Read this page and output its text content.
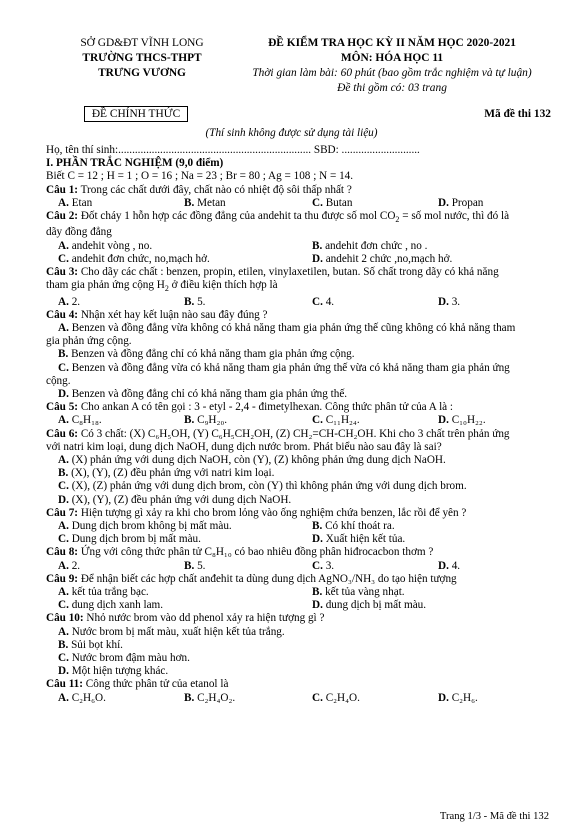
SỞ GD&ĐT VĨNH LONG
TRƯỜNG THCS-THPT
TRƯNG VƯƠNG
ĐỀ KIỂM TRA HỌC KỲ II NĂM HỌC 2020-2021
MÔN: HÓA HỌC 11
Thời gian làm bài: 60 phút (bao gồm trắc nghiệm và tự luận)
Đề thi gồm có: 03 trang
ĐỀ CHÍNH THỨC	Mã đề thi 132
(Thí sinh không được sử dụng tài liệu)
Họ, tên thí sinh:..................................................................... SBD: ............................
I. PHẦN TRẮC NGHIỆM (9,0 điểm)
Biết C = 12 ; H = 1 ; O = 16 ; Na = 23 ; Br = 80 ; Ag = 108 ; N = 14.
Câu 1: Trong các chất dưới đây, chất nào có nhiệt độ sôi thấp nhất ?
A. Etan	B. Metan	C. Butan	D. Propan
Câu 2: Đốt cháy 1 hỗn hợp các đồng đẳng của andehit ta thu được số mol $CO_2$ = số mol nước, thì đó là
dãy đồng đẳng
A. andehit vòng , no.	B. andehit đơn chức , no .
C. andehit đơn chức, no,mạch hở.	D. andehit 2 chức ,no,mạch hở.
Câu 3: Cho dãy các chất : benzen, propin, etilen, vinylaxetilen, butan. Số chất trong dãy có khả năng
tham gia phản ứng cộng $H_2$ ở điều kiện thích hợp là
A. 2.	B. 5.	C. 4.	D. 3.
Câu 4: Nhận xét hay kết luận nào sau đây đúng ?
A. Benzen và đồng đẳng vừa không có khả năng tham gia phản ứng thế cũng không có khả năng tham
gia phản ứng cộng.
B. Benzen và đồng đẳng chỉ có khả năng tham gia phản ứng cộng.
C. Benzen và đồng đẳng vừa có khả năng tham gia phản ứng thế vừa có khả năng tham gia phản ứng
cộng.
D. Benzen và đồng đẳng chỉ có khả năng tham gia phản ứng thế.
Câu 5: Cho ankan A có tên gọi : 3 - etyl - 2,4 - đimetylhexan. Công thức phân tử của A là :
A. C₈H₁₈.	B. C₉H₂₀.	C. C₁₁H₂₄.	D. C₁₀H₂₂.
Câu 6: Có 3 chất: (X) C₆H₅OH, (Y) C₆H₅CH₂OH, (Z) CH₂=CH-CH₂OH. Khi cho 3 chất trên phản ứng
với natri kim loại, dung dịch NaOH, dung dịch nước brom. Phát biểu nào sau đây là sai?
A. (X) phản ứng với dung dịch NaOH, còn (Y), (Z) không phản ứng dung dịch NaOH.
B. (X), (Y), (Z) đều phản ứng với natri kim loại.
C. (X), (Z) phản ứng với dung dịch brom, còn (Y) thì không phản ứng với dung dịch brom.
D. (X), (Y), (Z) đều phản ứng với dung dịch NaOH.
Câu 7: Hiện tượng gì xảy ra khi cho brom lỏng vào ống nghiệm chứa benzen, lắc rồi để yên ?
A. Dung dịch brom không bị mất màu.	B. Có khí thoát ra.
C. Dung dịch brom bị mất màu.	D. Xuất hiện kết tủa.
Câu 8: Ứng với công thức phân tử C₈H₁₀ có bao nhiêu đồng phân hiđrocacbon thơm ?
A. 2.	B. 5.	C. 3.	D. 4.
Câu 9: Để nhận biết các hợp chất anđehit ta dùng dung dịch AgNO₃/NH₃ do tạo hiện tượng
A. kết tủa trắng bạc.	B. kết tủa vàng nhạt.
C. dung dịch xanh lam.	D. dung dịch bị mất màu.
Câu 10: Nhỏ nước brom vào dd phenol xảy ra hiện tượng gì ?
A. Nước brom bị mất màu, xuất hiện kết tủa trắng.
B. Sủi bọt khí.
C. Nước brom đậm màu hơn.
D. Một hiện tượng khác.
Câu 11: Công thức phân tử của etanol là
A. C₂H₆O.	B. C₂H₄O₂.	C. C₂H₄O.	D. C₂H₆.
Trang 1/3 - Mã đề thi 132
